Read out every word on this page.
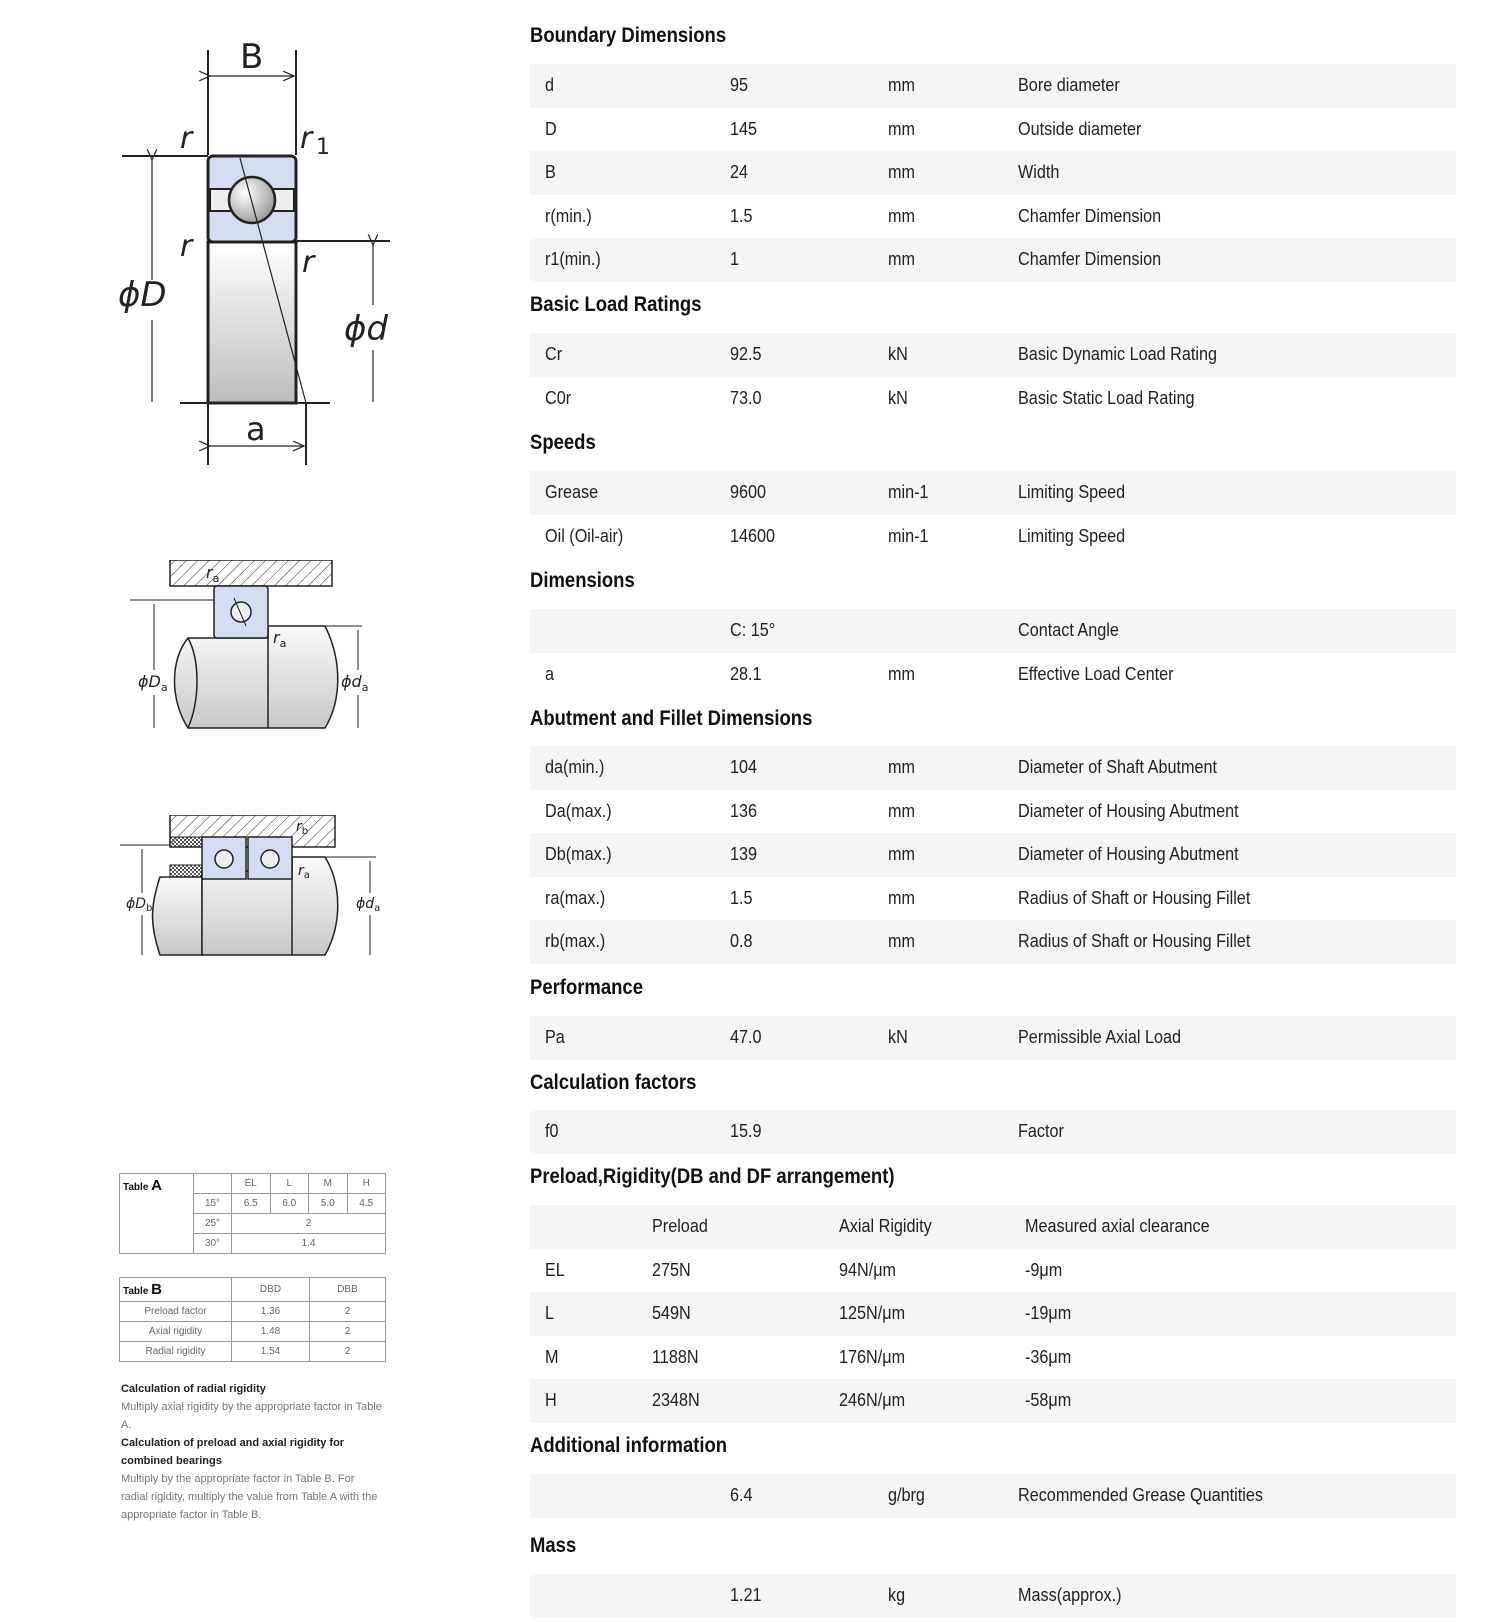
B
r	r 1
r	r
ϕD
ϕd
a
$r_a$
$r_a$
$\phi D_a$	$\phi d_a$
$r_b$
$r_a$
$\phi D_b$	$\phi d_a$
Table A		EL	L	M	H
	15°	6.5	6.0	5.0	4.5
	25°	2			
	30°	1.4			
Table B	DBD	DBB
Preload factor	1.36	2
Axial rigidity	1.48	2
Radial rigidity	1.54	2
Calculation of radial rigidity
Multiply axial rigidity by the appropriate factor in Table A.
Calculation of preload and axial rigidity for combined bearings
Multiply by the appropriate factor in Table B. For radial rigidity, multiply the value from Table A with the appropriate factor in Table B.
Boundary Dimensions
d	95	mm	Bore diameter
D	145	mm	Outside diameter
B	24	mm	Width
r(min.)	1.5	mm	Chamfer Dimension
r1(min.)	1	mm	Chamfer Dimension
Basic Load Ratings
Cr	92.5	kN	Basic Dynamic Load Rating
C0r	73.0	kN	Basic Static Load Rating
Speeds
Grease	9600	min-1	Limiting Speed
Oil (Oil-air)	14600	min-1	Limiting Speed
Dimensions
	C: 15°		Contact Angle
a	28.1	mm	Effective Load Center
Abutment and Fillet Dimensions
da(min.)	104	mm	Diameter of Shaft Abutment
Da(max.)	136	mm	Diameter of Housing Abutment
Db(max.)	139	mm	Diameter of Housing Abutment
ra(max.)	1.5	mm	Radius of Shaft or Housing Fillet
rb(max.)	0.8	mm	Radius of Shaft or Housing Fillet
Performance
Pa	47.0	kN	Permissible Axial Load
Calculation factors
f0	15.9		Factor
Preload,Rigidity(DB and DF arrangement)
	Preload	Axial Rigidity	Measured axial clearance
EL	275N	94N/μm	-9μm
L	549N	125N/μm	-19μm
M	1188N	176N/μm	-36μm
H	2348N	246N/μm	-58μm
Additional information
	6.4	g/brg	Recommended Grease Quantities
Mass
	1.21	kg	Mass(approx.)
